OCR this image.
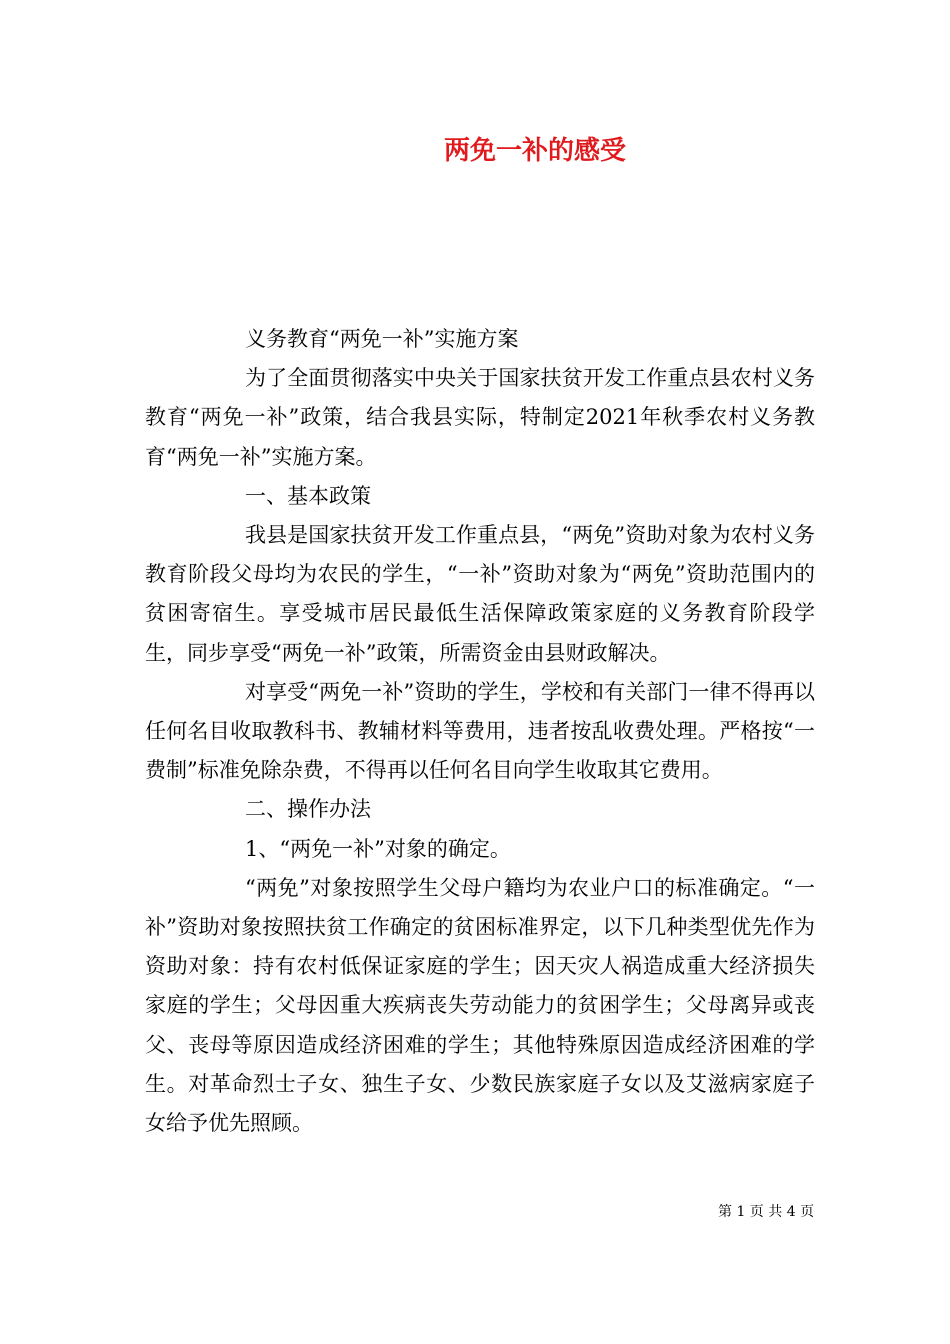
两免一补的感受

义务教育“两免一补”实施方案

为了全面贯彻落实中央关于国家扶贫开发工作重点县农村义务教育“两免一补”政策，结合我县实际，特制定2021年秋季农村义务教育“两免一补”实施方案。

一、基本政策

我县是国家扶贫开发工作重点县，“两免”资助对象为农村义务教育阶段父母均为农民的学生，“一补”资助对象为“两免”资助范围内的贫困寄宿生。享受城市居民最低生活保障政策家庭的义务教育阶段学生，同步享受“两免一补”政策，所需资金由县财政解决。

对享受“两免一补”资助的学生，学校和有关部门一律不得再以任何名目收取教科书、教辅材料等费用，违者按乱收费处理。严格按“一费制”标准免除杂费，不得再以任何名目向学生收取其它费用。

二、操作办法

1、“两免一补”对象的确定。

“两免”对象按照学生父母户籍均为农业户口的标准确定。“一补”资助对象按照扶贫工作确定的贫困标准界定，以下几种类型优先作为资助对象：持有农村低保证家庭的学生；因天灾人祸造成重大经济损失家庭的学生；父母因重大疾病丧失劳动能力的贫困学生；父母离异或丧父、丧母等原因造成经济困难的学生；其他特殊原因造成经济困难的学生。对革命烈士子女、独生子女、少数民族家庭子女以及艾滋病家庭子女给予优先照顾。

第 1 页 共 4 页
